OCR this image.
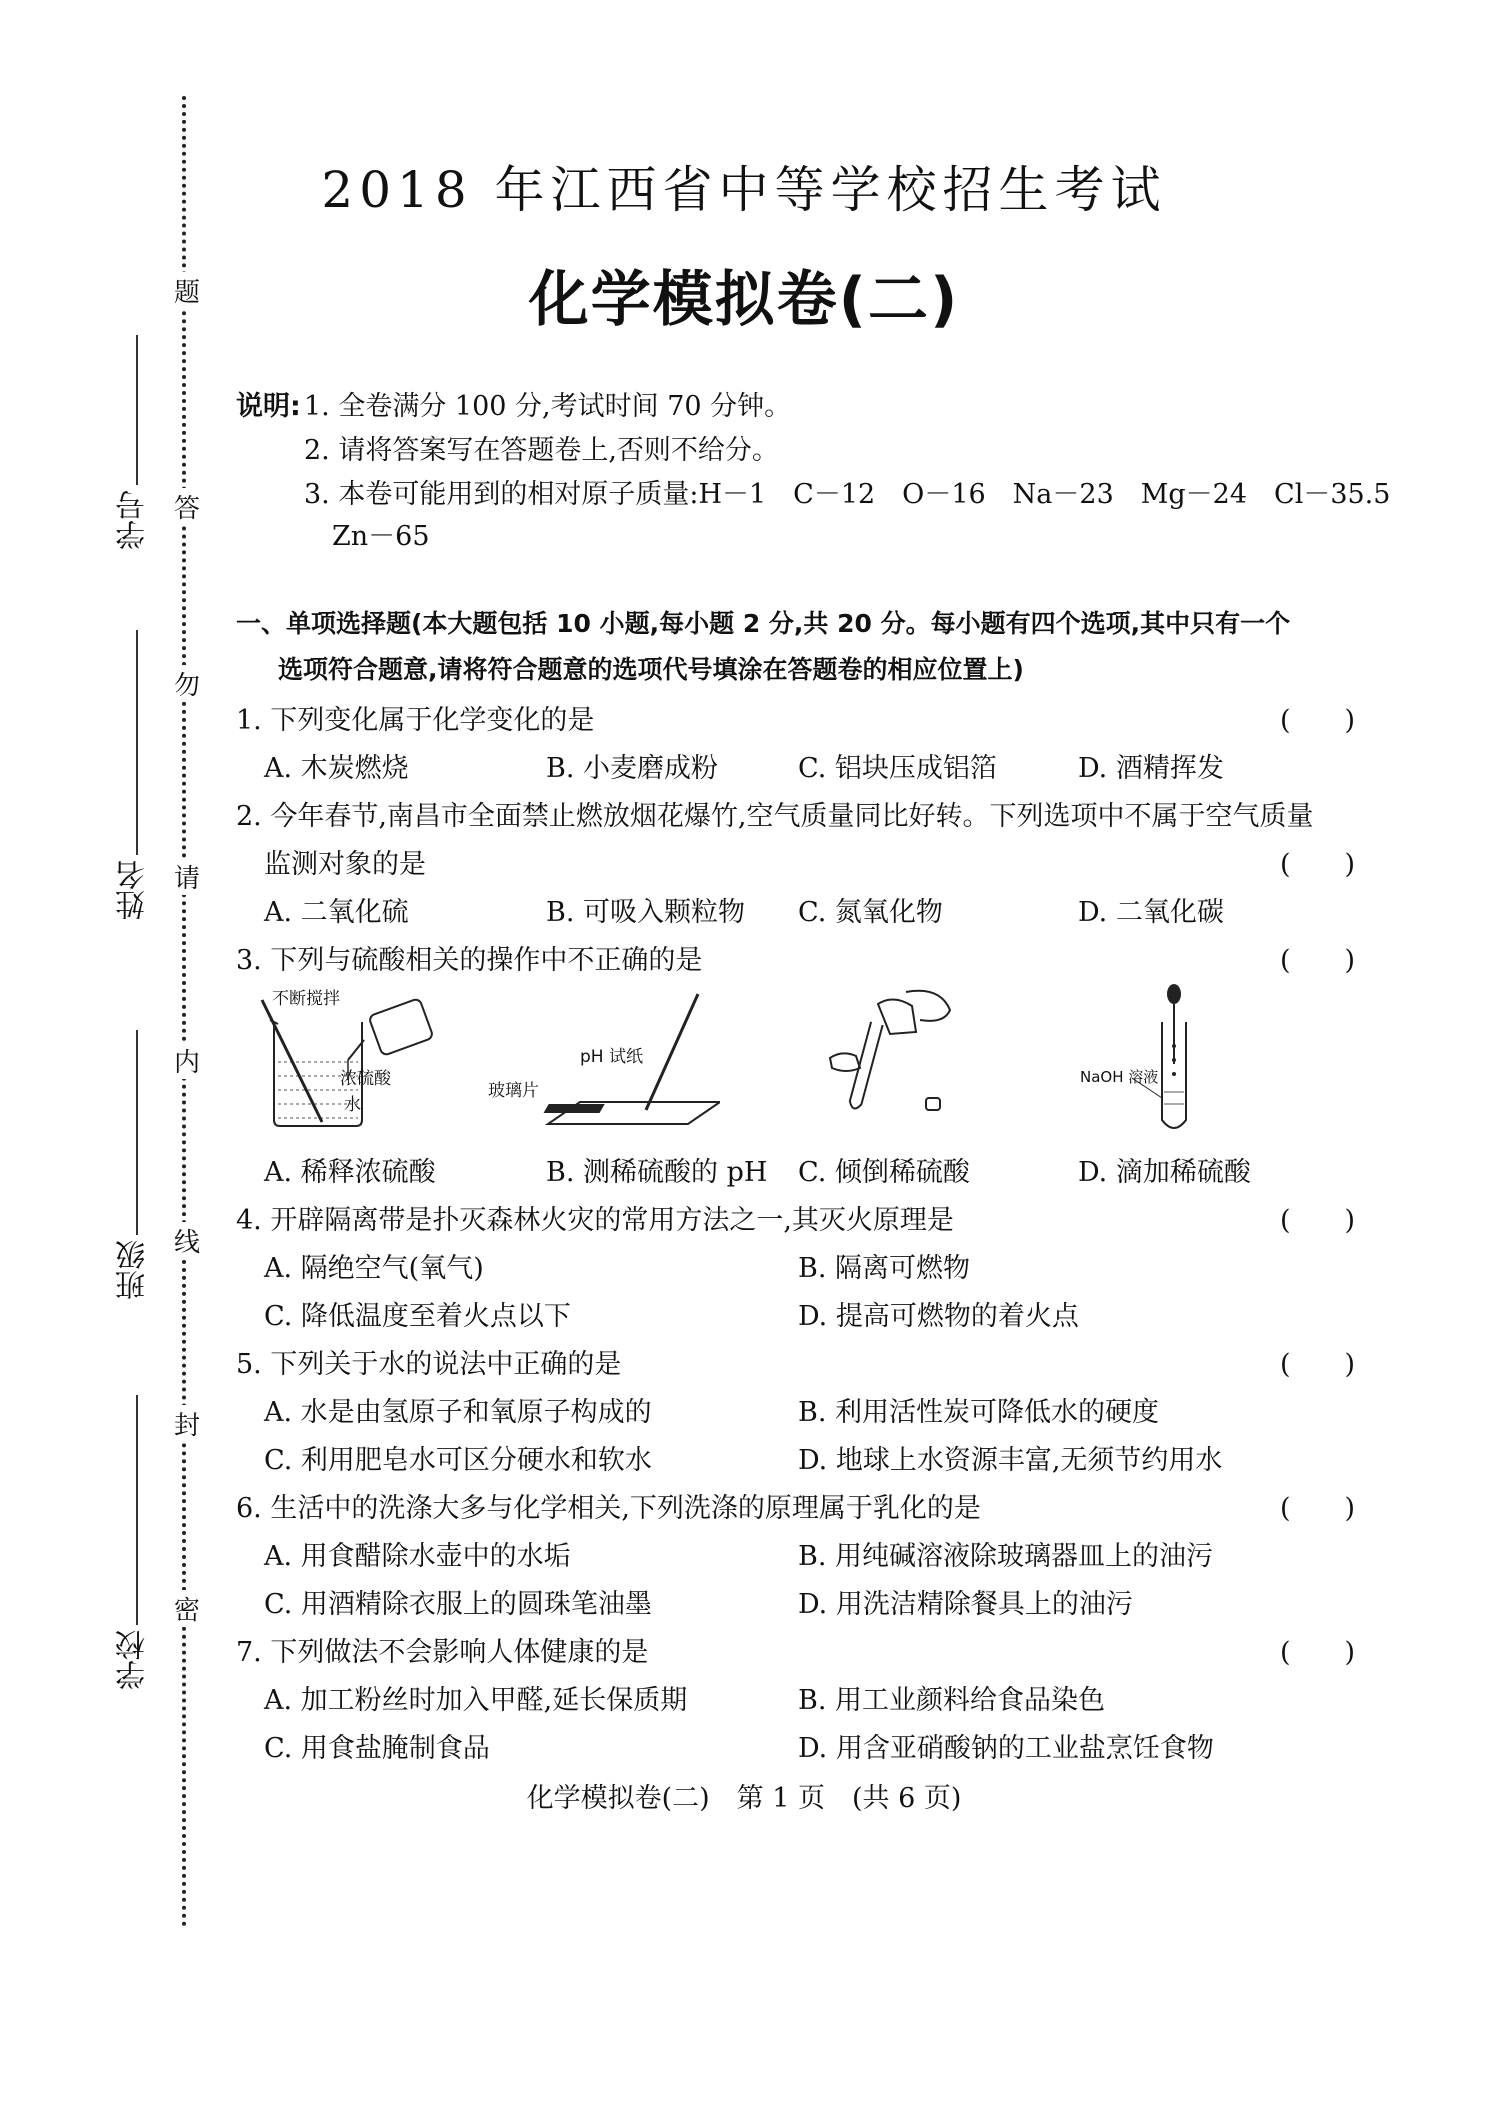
学号
姓名
班级
学校
题
答
勿
请
内
线
封
密
2018 年江西省中等学校招生考试
化学模拟卷(二)
说明: 1. 全卷满分 100 分,考试时间 70 分钟。
2. 请将答案写在答题卷上,否则不给分。
3. 本卷可能用到的相对原子质量:H－1　C－12　O－16　Na－23　Mg－24　Cl－35.5
Zn－65
一、单项选择题(本大题包括 10 小题,每小题 2 分,共 20 分。每小题有四个选项,其中只有一个
选项符合题意,请将符合题意的选项代号填涂在答题卷的相应位置上)
1. 下列变化属于化学变化的是	(　　)
A. 木炭燃烧	B. 小麦磨成粉	C. 铝块压成铝箔	D. 酒精挥发
2. 今年春节,南昌市全面禁止燃放烟花爆竹,空气质量同比好转。下列选项中不属于空气质量
监测对象的是	(　　)
A. 二氧化硫	B. 可吸入颗粒物 C. 氮氧化物	D. 二氧化碳
3. 下列与硫酸相关的操作中不正确的是	(　　)
不断搅拌
浓硫酸
水
pH 试纸
玻璃片
NaOH 溶液
A. 稀释浓硫酸	B. 测稀硫酸的 pH C. 倾倒稀硫酸	D. 滴加稀硫酸
4. 开辟隔离带是扑灭森林火灾的常用方法之一,其灭火原理是	(　　)
A. 隔绝空气(氧气)	B. 隔离可燃物
C. 降低温度至着火点以下	D. 提高可燃物的着火点
5. 下列关于水的说法中正确的是	(　　)
A. 水是由氢原子和氧原子构成的	B. 利用活性炭可降低水的硬度
C. 利用肥皂水可区分硬水和软水	D. 地球上水资源丰富,无须节约用水
6. 生活中的洗涤大多与化学相关,下列洗涤的原理属于乳化的是	(　　)
A. 用食醋除水壶中的水垢	B. 用纯碱溶液除玻璃器皿上的油污
C. 用酒精除衣服上的圆珠笔油墨	D. 用洗洁精除餐具上的油污
7. 下列做法不会影响人体健康的是	(　　)
A. 加工粉丝时加入甲醛,延长保质期	B. 用工业颜料给食品染色
C. 用食盐腌制食品	D. 用含亚硝酸钠的工业盐烹饪食物
化学模拟卷(二)　第 1 页　(共 6 页)
